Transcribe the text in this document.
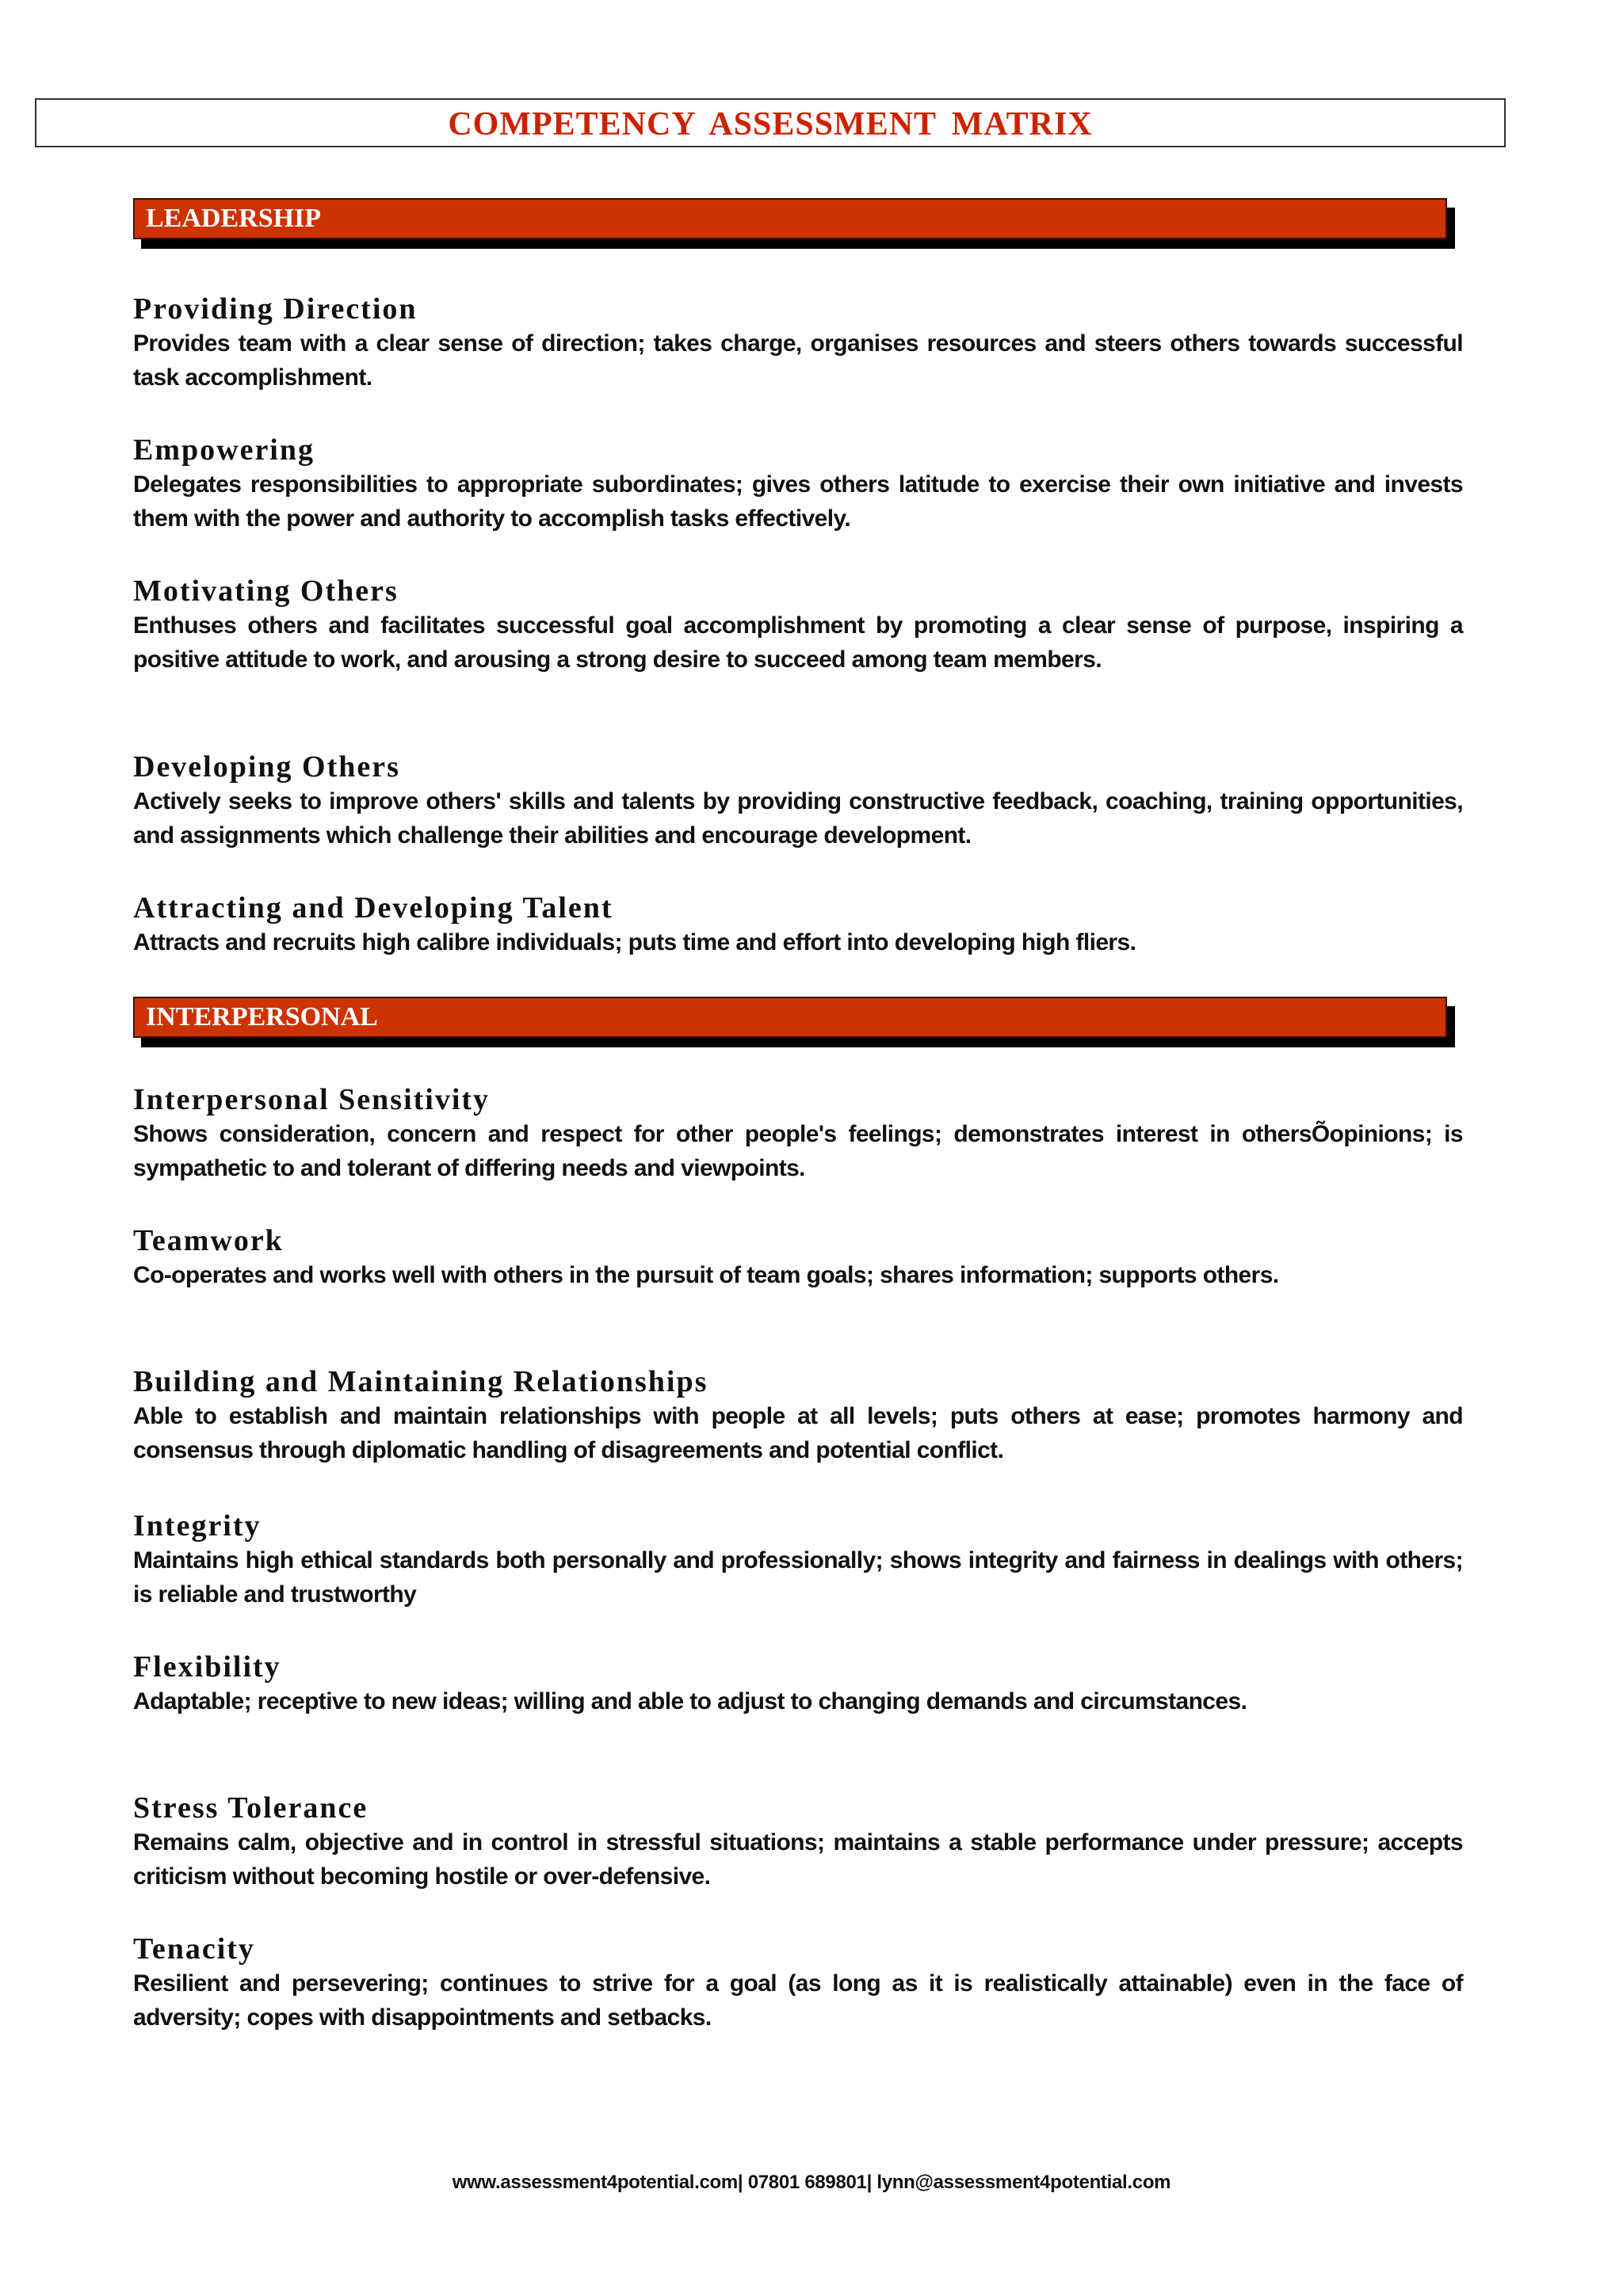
COMPETENCY ASSESSMENT MATRIX
LEADERSHIP
Providing Direction
Provides team with a clear sense of direction; takes charge, organises resources and steers others towards successful task accomplishment.
Empowering
Delegates responsibilities to appropriate subordinates; gives others latitude to exercise their own initiative and invests them with the power and authority to accomplish tasks effectively.
Motivating Others
Enthuses others and facilitates successful goal accomplishment by promoting a clear sense of purpose, inspiring a positive attitude to work, and arousing a strong desire to succeed among team members.
Developing Others
Actively seeks to improve others' skills and talents by providing constructive feedback, coaching, training opportunities, and assignments which challenge their abilities and encourage development.
Attracting and Developing Talent
Attracts and recruits high calibre individuals; puts time and effort into developing high fliers.
INTERPERSONAL
Interpersonal Sensitivity
Shows consideration, concern and respect for other people's feelings; demonstrates interest in othersÕopinions; is sympathetic to and tolerant of differing needs and viewpoints.
Teamwork
Co-operates and works well with others in the pursuit of team goals; shares information; supports others.
Building and Maintaining Relationships
Able to establish and maintain relationships with people at all levels; puts others at ease; promotes harmony and consensus through diplomatic handling of disagreements and potential conflict.
Integrity
Maintains high ethical standards both personally and professionally; shows integrity and fairness in dealings with others; is reliable and trustworthy
Flexibility
Adaptable; receptive to new ideas; willing and able to adjust to changing demands and circumstances.
Stress Tolerance
Remains calm, objective and in control in stressful situations; maintains a stable performance under pressure; accepts criticism without becoming hostile or over-defensive.
Tenacity
Resilient and persevering; continues to strive for a goal (as long as it is realistically attainable) even in the face of adversity; copes with disappointments and setbacks.
www.assessment4potential.com| 07801 689801| lynn@assessment4potential.com
